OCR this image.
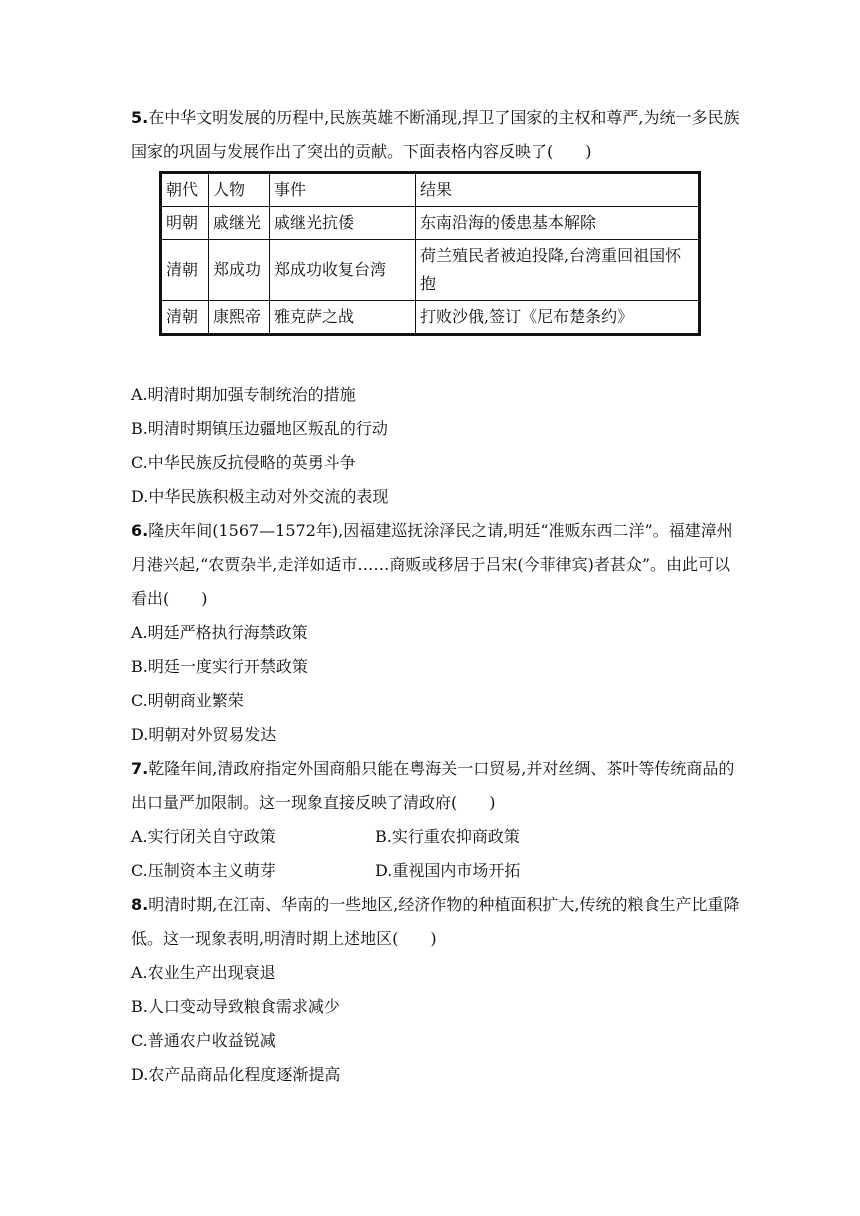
5.在中华文明发展的历程中,民族英雄不断涌现,捍卫了国家的主权和尊严,为统一多民族国家的巩固与发展作出了突出的贡献。下面表格内容反映了(　　)
朝代	人物	事件	结果
明朝	戚继光	戚继光抗倭	东南沿海的倭患基本解除
清朝	郑成功	郑成功收复台湾	荷兰殖民者被迫投降,台湾重回祖国怀抱
清朝	康熙帝	雅克萨之战	打败沙俄,签订《尼布楚条约》
A.明清时期加强专制统治的措施
B.明清时期镇压边疆地区叛乱的行动
C.中华民族反抗侵略的英勇斗争
D.中华民族积极主动对外交流的表现
6.隆庆年间(1567—1572年),因福建巡抚涂泽民之请,明廷“准贩东西二洋”。福建漳州月港兴起,“农贾杂半,走洋如适市……商贩或移居于吕宋(今菲律宾)者甚众”。由此可以看出(　　)
A.明廷严格执行海禁政策
B.明廷一度实行开禁政策
C.明朝商业繁荣
D.明朝对外贸易发达
7.乾隆年间,清政府指定外国商船只能在粤海关一口贸易,并对丝绸、茶叶等传统商品的出口量严加限制。这一现象直接反映了清政府(　　)
A.实行闭关自守政策	B.实行重农抑商政策
C.压制资本主义萌芽	D.重视国内市场开拓
8.明清时期,在江南、华南的一些地区,经济作物的种植面积扩大,传统的粮食生产比重降低。这一现象表明,明清时期上述地区(　　)
A.农业生产出现衰退
B.人口变动导致粮食需求减少
C.普通农户收益锐减
D.农产品商品化程度逐渐提高
